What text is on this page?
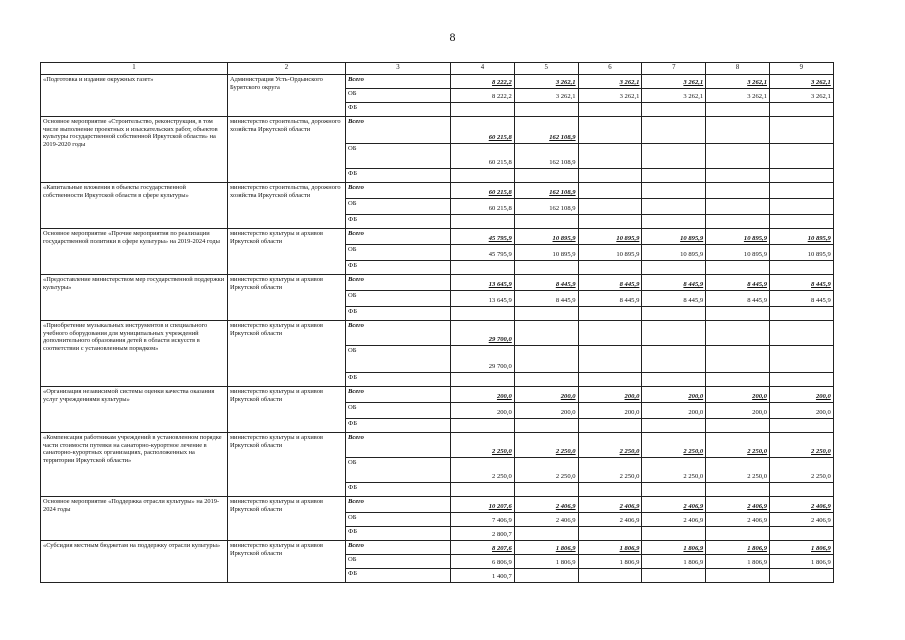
8
1	2	3	4	5	6	7	8	9
«Подготовка и издание окружных газет»	Администрация Усть-Ордынского Бурятского округа	Всего	8 222,2	3 262,1	3 262,1	3 262,1	3 262,1	3 262,1
		ОБ	8 222,2	3 262,1	3 262,1	3 262,1	3 262,1	3 262,1
		ФБ						
Основное мероприятие «Строительство, реконструкция, в том числе выполнение проектных и изыскательских работ, объектов культуры государственной собственной Иркутской области» на 2019-2020 годы	министерство строительства, дорожного хозяйства Иркутской области	Всего	60 215,8	162 108,9				
		ОБ	60 215,8	162 108,9				
		ФБ						
«Капитальные вложения в объекты государственной собственности Иркутской области в сфере культуры»	министерство строительства, дорожного хозяйства Иркутской области	Всего	60 215,8	162 108,9				
		ОБ	60 215,8	162 108,9				
		ФБ						
Основное мероприятие «Прочие мероприятия по реализации государственной политики в сфере культуры» на 2019-2024 годы	министерство культуры и архивов Иркутской области	Всего	45 795,9	10 895,9	10 895,9	10 895,9	10 895,9	10 895,9
		ОБ	45 795,9	10 895,9	10 895,9	10 895,9	10 895,9	10 895,9
		ФБ						
«Предоставление министерством мер государственной поддержки культуры»	министерство культуры и архивов Иркутской области	Всего	13 645,9	8 445,9	8 445,9	8 445,9	8 445,9	8 445,9
		ОБ	13 645,9	8 445,9	8 445,9	8 445,9	8 445,9	8 445,9
		ФБ						
«Приобретение музыкальных инструментов и специального учебного оборудования для муниципальных учреждений дополнительного образования детей в области искусств в соответствии с установленным порядком»	министерство культуры и архивов Иркутской области	Всего	29 700,0					
		ОБ	29 700,0					
		ФБ						
«Организация независимой системы оценки качества оказания услуг учреждениями культуры»	министерство культуры и архивов Иркутской области	Всего	200,0	200,0	200,0	200,0	200,0	200,0
		ОБ	200,0	200,0	200,0	200,0	200,0	200,0
		ФБ						
«Компенсация работникам учреждений в установленном порядке части стоимости путевки на санаторно-курортное лечение в санаторно-курортных организациях, расположенных на территории Иркутской области»	министерство культуры и архивов Иркутской области	Всего	2 250,0	2 250,0	2 250,0	2 250,0	2 250,0	2 250,0
		ОБ	2 250,0	2 250,0	2 250,0	2 250,0	2 250,0	2 250,0
		ФБ						
Основное мероприятие «Поддержка отрасли культуры» на 2019-2024 годы	министерство культуры и архивов Иркутской области	Всего	10 207,6	2 406,9	2 406,9	2 406,9	2 406,9	2 406,9
		ОБ	7 406,9	2 406,9	2 406,9	2 406,9	2 406,9	2 406,9
		ФБ	2 800,7					
«Субсидия местным бюджетам на поддержку отрасли культуры»	министерство культуры и архивов Иркутской области	Всего	8 207,6	1 806,9	1 806,9	1 806,9	1 806,9	1 806,9
		ОБ	6 806,9	1 806,9	1 806,9	1 806,9	1 806,9	1 806,9
		ФБ	1 400,7					
